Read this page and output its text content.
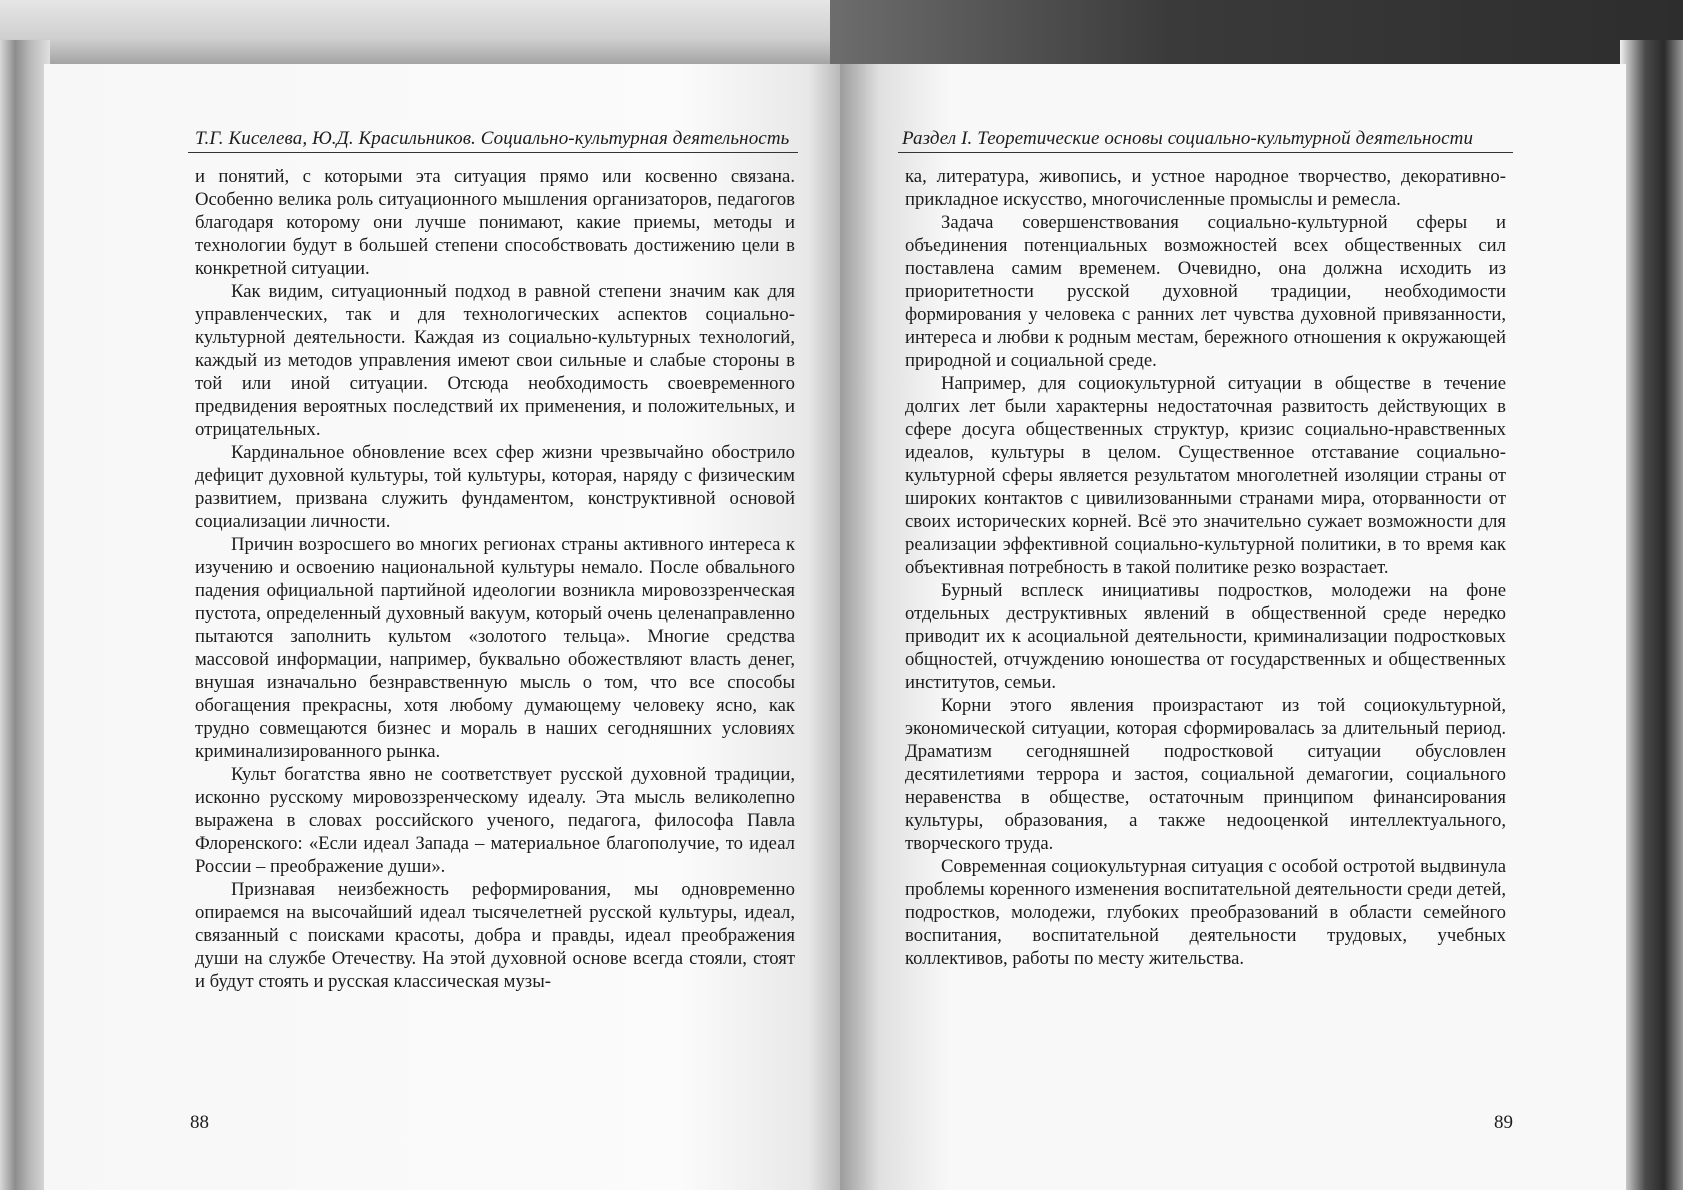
Т.Г. Киселева, Ю.Д. Красильников. Социально-культурная деятельность	Раздел I. Теоретические основы социально-культурной деятельности

и понятий, с которыми эта ситуация прямо или косвенно связана. Особенно велика роль ситуационного мышления организаторов, педагогов благодаря которому они лучше понимают, какие приемы, методы и технологии будут в большей степени способствовать достижению цели в конкретной ситуации.

Как видим, ситуационный подход в равной степени значим как для управленческих, так и для технологических аспектов социально-культурной деятельности. Каждая из социально-культурных технологий, каждый из методов управления имеют свои сильные и слабые стороны в той или иной ситуации. Отсюда необходимость своевременного предвидения вероятных последствий их применения, и положительных, и отрицательных.

Кардинальное обновление всех сфер жизни чрезвычайно обострило дефицит духовной культуры, той культуры, которая, наряду с физическим развитием, призвана служить фундаментом, конструктивной основой социализации личности.

Причин возросшего во многих регионах страны активного интереса к изучению и освоению национальной культуры немало. После обвального падения официальной партийной идеологии возникла мировоззренческая пустота, определенный духовный вакуум, который очень целенаправленно пытаются заполнить культом «золотого тельца». Многие средства массовой информации, например, буквально обожествляют власть денег, внушая изначально безнравственную мысль о том, что все способы обогащения прекрасны, хотя любому думающему человеку ясно, как трудно совмещаются бизнес и мораль в наших сегодняшних условиях криминализированного рынка.

Культ богатства явно не соответствует русской духовной традиции, исконно русскому мировоззренческому идеалу. Эта мысль великолепно выражена в словах российского ученого, педагога, философа Павла Флоренского: «Если идеал Запада – материальное благополучие, то идеал России – преображение души».

Признавая неизбежность реформирования, мы одновременно опираемся на высочайший идеал тысячелетней русской культуры, идеал, связанный с поисками красоты, добра и правды, идеал преображения души на службе Отечеству. На этой духовной основе всегда стояли, стоят и будут стоять и русская классическая музы-

ка, литература, живопись, и устное народное творчество, декоративно-прикладное искусство, многочисленные промыслы и ремесла.

Задача совершенствования социально-культурной сферы и объединения потенциальных возможностей всех общественных сил поставлена самим временем. Очевидно, она должна исходить из приоритетности русской духовной традиции, необходимости формирования у человека с ранних лет чувства духовной привязанности, интереса и любви к родным местам, бережного отношения к окружающей природной и социальной среде.

Например, для социокультурной ситуации в обществе в течение долгих лет были характерны недостаточная развитость действующих в сфере досуга общественных структур, кризис социально-нравственных идеалов, культуры в целом. Существенное отставание социально-культурной сферы является результатом многолетней изоляции страны от широких контактов с цивилизованными странами мира, оторванности от своих исторических корней. Всё это значительно сужает возможности для реализации эффективной социально-культурной политики, в то время как объективная потребность в такой политике резко возрастает.

Бурный всплеск инициативы подростков, молодежи на фоне отдельных деструктивных явлений в общественной среде нередко приводит их к асоциальной деятельности, криминализации подростковых общностей, отчуждению юношества от государственных и общественных институтов, семьи.

Корни этого явления произрастают из той социокультурной, экономической ситуации, которая сформировалась за длительный период. Драматизм сегодняшней подростковой ситуации обусловлен десятилетиями террора и застоя, социальной демагогии, социального неравенства в обществе, остаточным принципом финансирования культуры, образования, а также недооценкой интеллектуального, творческого труда.

Современная социокультурная ситуация с особой остротой выдвинула проблемы коренного изменения воспитательной деятельности среди детей, подростков, молодежи, глубоких преобразований в области семейного воспитания, воспитательной деятельности трудовых, учебных коллективов, работы по месту жительства.

88	89
